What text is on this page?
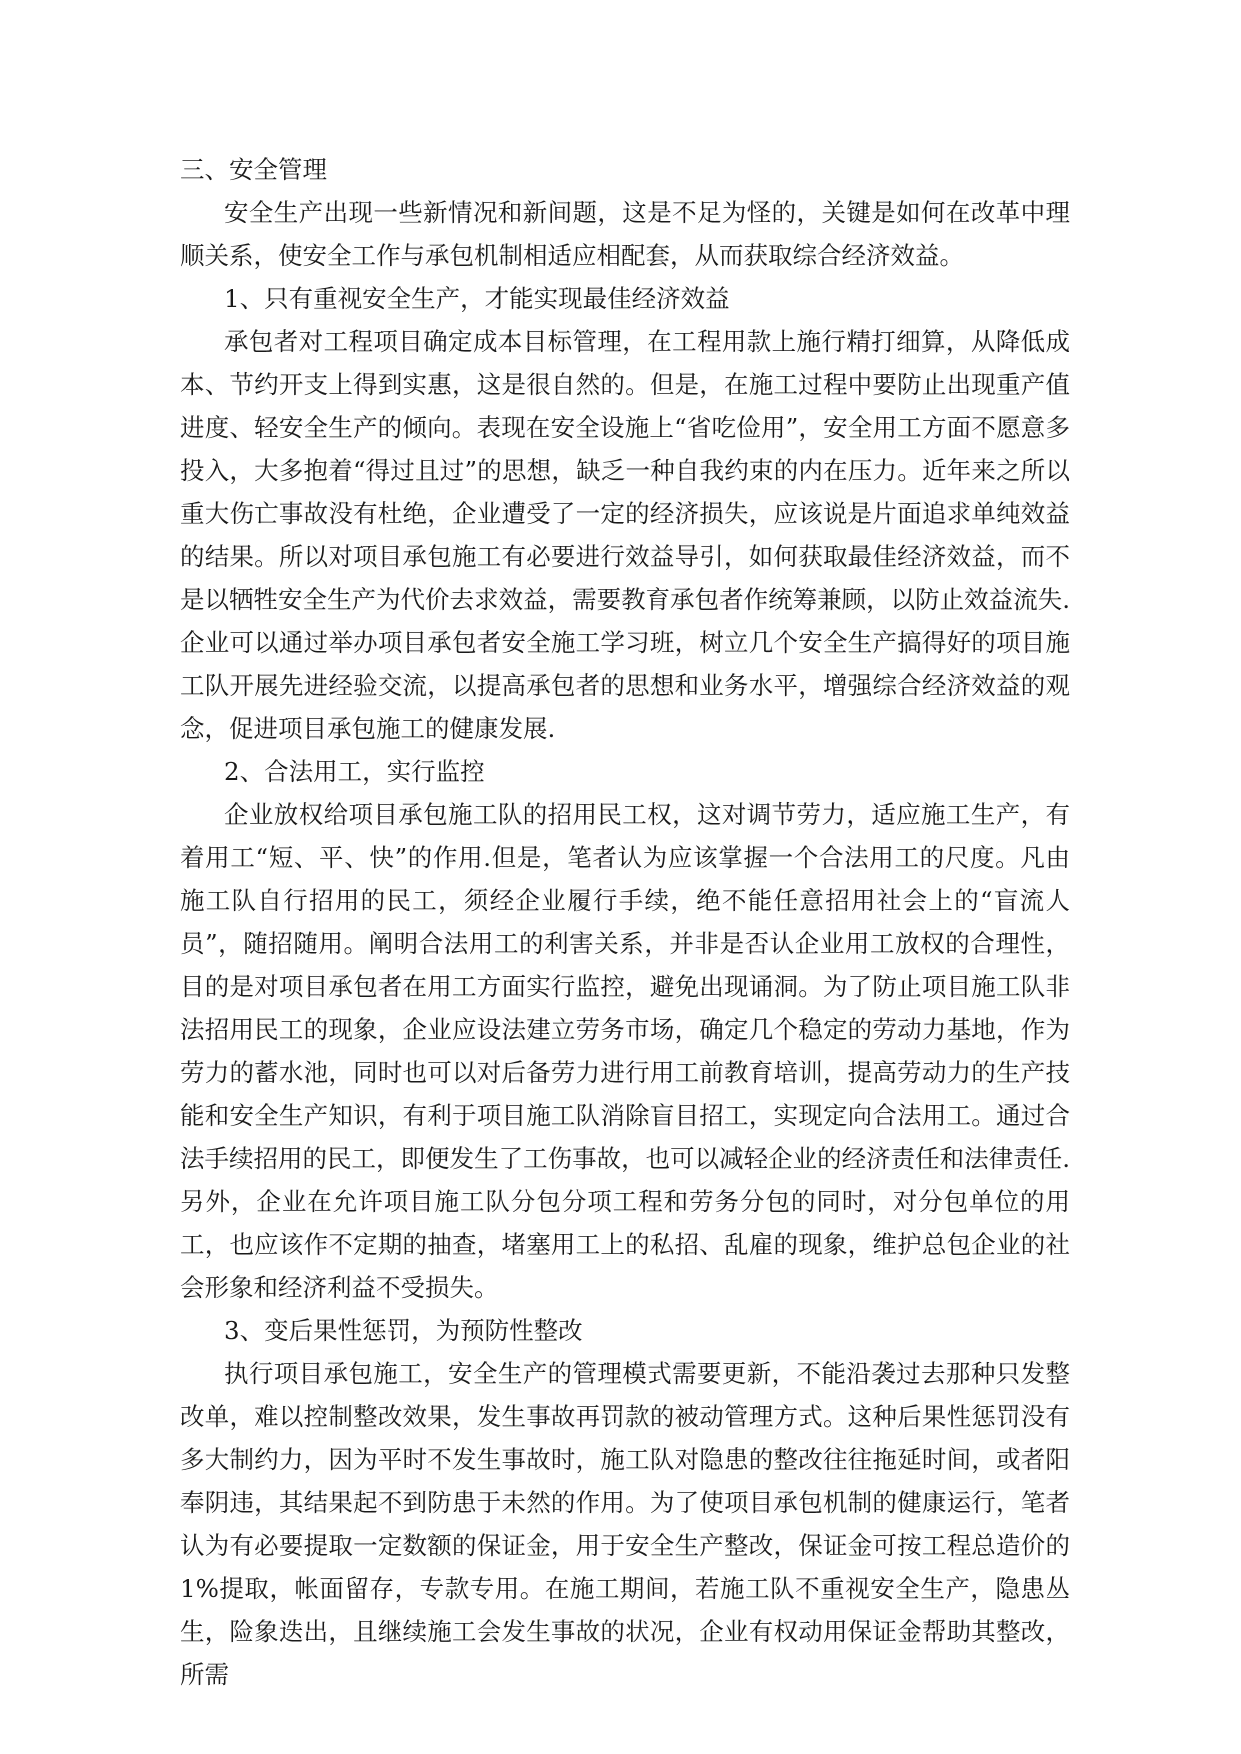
三、安全管理

安全生产出现一些新情况和新间题，这是不足为怪的，关键是如何在改革中理顺关系，使安全工作与承包机制相适应相配套，从而获取综合经济效益。

1、只有重视安全生产，才能实现最佳经济效益

承包者对工程项目确定成本目标管理，在工程用款上施行精打细算，从降低成本、节约开支上得到实惠，这是很自然的。但是，在施工过程中要防止出现重产值进度、轻安全生产的倾向。表现在安全设施上“省吃俭用”，安全用工方面不愿意多投入，大多抱着“得过且过”的思想，缺乏一种自我约束的内在压力。近年来之所以重大伤亡事故没有杜绝，企业遭受了一定的经济损失，应该说是片面追求单纯效益的结果。所以对项目承包施工有必要进行效益导引，如何获取最佳经济效益，而不是以牺牲安全生产为代价去求效益，需要教育承包者作统筹兼顾，以防止效益流失.企业可以通过举办项目承包者安全施工学习班，树立几个安全生产搞得好的项目施工队开展先进经验交流，以提高承包者的思想和业务水平，增强综合经济效益的观念，促进项目承包施工的健康发展.

2、合法用工，实行监控

企业放权给项目承包施工队的招用民工权，这对调节劳力，适应施工生产，有着用工“短、平、快”的作用.但是，笔者认为应该掌握一个合法用工的尺度。凡由施工队自行招用的民工，须经企业履行手续，绝不能任意招用社会上的“盲流人员”，随招随用。阐明合法用工的利害关系，并非是否认企业用工放权的合理性，目的是对项目承包者在用工方面实行监控，避免出现诵洞。为了防止项目施工队非法招用民工的现象，企业应设法建立劳务市场，确定几个稳定的劳动力基地，作为劳力的蓄水池，同时也可以对后备劳力进行用工前教育培训，提高劳动力的生产技能和安全生产知识，有利于项目施工队消除盲目招工，实现定向合法用工。通过合法手续招用的民工，即便发生了工伤事故，也可以减轻企业的经济责任和法律责任.另外，企业在允许项目施工队分包分项工程和劳务分包的同时，对分包单位的用工，也应该作不定期的抽查，堵塞用工上的私招、乱雇的现象，维护总包企业的社会形象和经济利益不受损失。

3、变后果性惩罚，为预防性整改

执行项目承包施工，安全生产的管理模式需要更新，不能沿袭过去那种只发整改单，难以控制整改效果，发生事故再罚款的被动管理方式。这种后果性惩罚没有多大制约力，因为平时不发生事故时，施工队对隐患的整改往往拖延时间，或者阳奉阴违，其结果起不到防患于未然的作用。为了使项目承包机制的健康运行，笔者认为有必要提取一定数额的保证金，用于安全生产整改，保证金可按工程总造价的1%提取，帐面留存，专款专用。在施工期间，若施工队不重视安全生产，隐患丛生，险象迭出，且继续施工会发生事故的状况，企业有权动用保证金帮助其整改，所需
